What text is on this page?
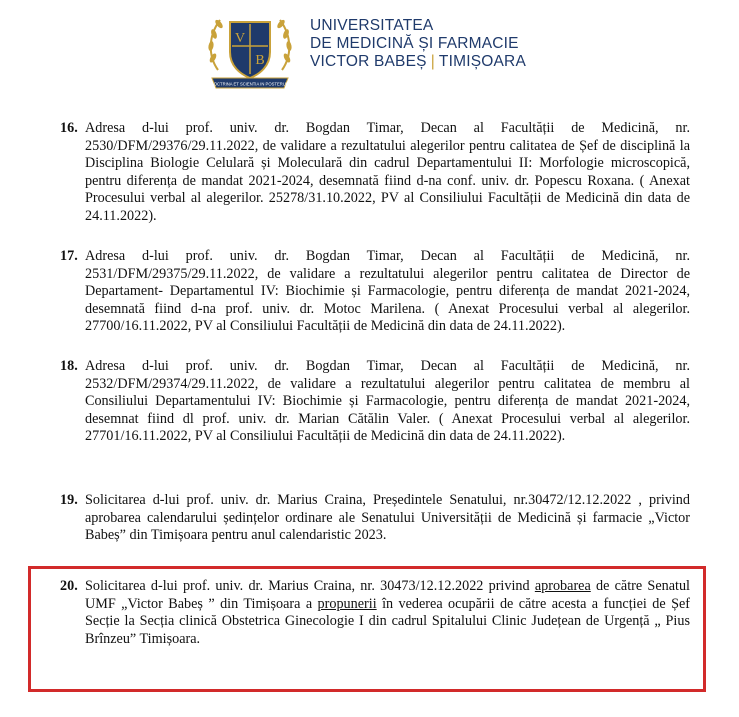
V
B
DOCTRINA ET SCIENTIA IN POSTERUM
UNIVERSITATEA
DE MEDICINĂ ȘI FARMACIE
VICTOR BABEȘ | TIMIȘOARA
16. Adresa d-lui prof. univ. dr. Bogdan Timar, Decan al Facultății de Medicină, nr. 2530/DFM/29376/29.11.2022, de validare a rezultatului alegerilor pentru calitatea de Șef de disciplină la Disciplina Biologie Celulară și Moleculară din cadrul Departamentului II: Morfologie microscopică, pentru diferența de mandat 2021-2024, desemnată fiind d-na conf. univ. dr. Popescu Roxana. ( Anexat Procesului verbal al alegerilor. 25278/31.10.2022, PV al Consiliului Facultății de Medicină din data de 24.11.2022).
17. Adresa d-lui prof. univ. dr. Bogdan Timar, Decan al Facultății de Medicină, nr. 2531/DFM/29375/29.11.2022, de validare a rezultatului alegerilor pentru calitatea de Director de Departament- Departamentul IV: Biochimie și Farmacologie, pentru diferența de mandat 2021-2024, desemnată fiind d-na prof. univ. dr. Motoc Marilena. ( Anexat Procesului verbal al alegerilor. 27700/16.11.2022, PV al Consiliului Facultății de Medicină din data de 24.11.2022).
18. Adresa d-lui prof. univ. dr. Bogdan Timar, Decan al Facultății de Medicină, nr. 2532/DFM/29374/29.11.2022, de validare a rezultatului alegerilor pentru calitatea de membru al Consiliului Departamentului IV: Biochimie și Farmacologie, pentru diferența de mandat 2021-2024, desemnat fiind dl prof. univ. dr. Marian Cătălin Valer. ( Anexat Procesului verbal al alegerilor. 27701/16.11.2022, PV al Consiliului Facultății de Medicină din data de 24.11.2022).
19. Solicitarea d-lui prof. univ. dr. Marius Craina, Președintele Senatului, nr.30472/12.12.2022 , privind aprobarea calendarului ședințelor ordinare ale Senatului Universității de Medicină și farmacie „Victor Babeș” din Timișoara pentru anul calendaristic 2023.
20. Solicitarea d-lui prof. univ. dr. Marius Craina, nr. 30473/12.12.2022 privind aprobarea de către Senatul UMF „Victor Babeș ” din Timișoara a propunerii în vederea ocupării de către acesta a funcției de Șef Secție la Secția clinică Obstetrica Ginecologie I din cadrul Spitalului Clinic Județean de Urgență „ Pius Brînzeu” Timișoara.
